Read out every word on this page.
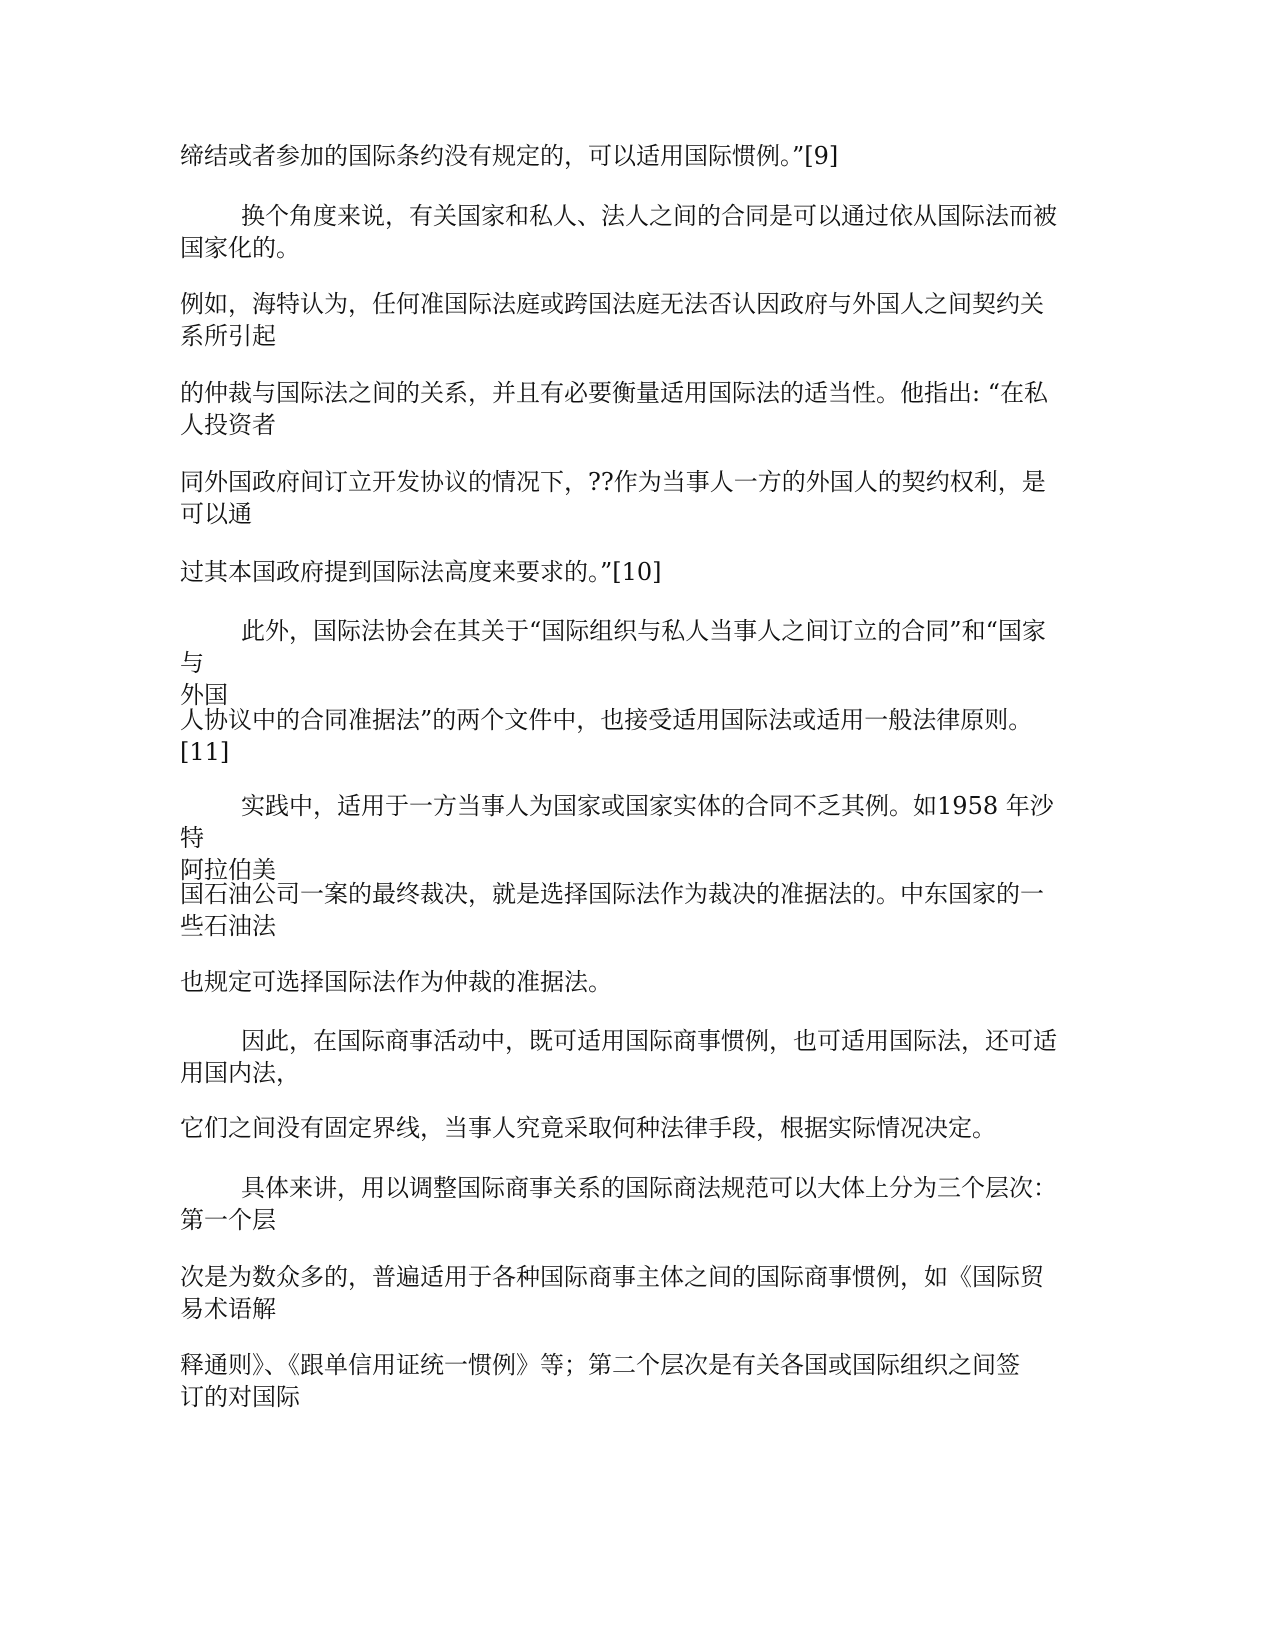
缔结或者参加的国际条约没有规定的，可以适用国际惯例。”[9]

换个角度来说，有关国家和私人、法人之间的合同是可以通过依从国际法而被
国家化的。

例如，海特认为，任何准国际法庭或跨国法庭无法否认因政府与外国人之间契约关
系所引起

的仲裁与国际法之间的关系，并且有必要衡量适用国际法的适当性。他指出: “在私
人投资者

同外国政府间订立开发协议的情况下，??作为当事人一方的外国人的契约权利，是
可以通

过其本国政府提到国际法高度来要求的。”[10]

此外，国际法协会在其关于“国际组织与私人当事人之间订立的合同”和“国家与
外国

人协议中的合同准据法”的两个文件中，也接受适用国际法或适用一般法律原则。
[11]

实践中，适用于一方当事人为国家或国家实体的合同不乏其例。如1958 年沙特
阿拉伯美

国石油公司一案的最终裁决，就是选择国际法作为裁决的准据法的。中东国家的一
些石油法

也规定可选择国际法作为仲裁的准据法。

因此，在国际商事活动中，既可适用国际商事惯例，也可适用国际法，还可适
用国内法，

它们之间没有固定界线，当事人究竟采取何种法律手段，根据实际情况决定。

具体来讲，用以调整国际商事关系的国际商法规范可以大体上分为三个层次：
第一个层

次是为数众多的，普遍适用于各种国际商事主体之间的国际商事惯例，如《国际贸
易术语解

释通则》、《跟单信用证统一惯例》等；第二个层次是有关各国或国际组织之间签
订的对国际
